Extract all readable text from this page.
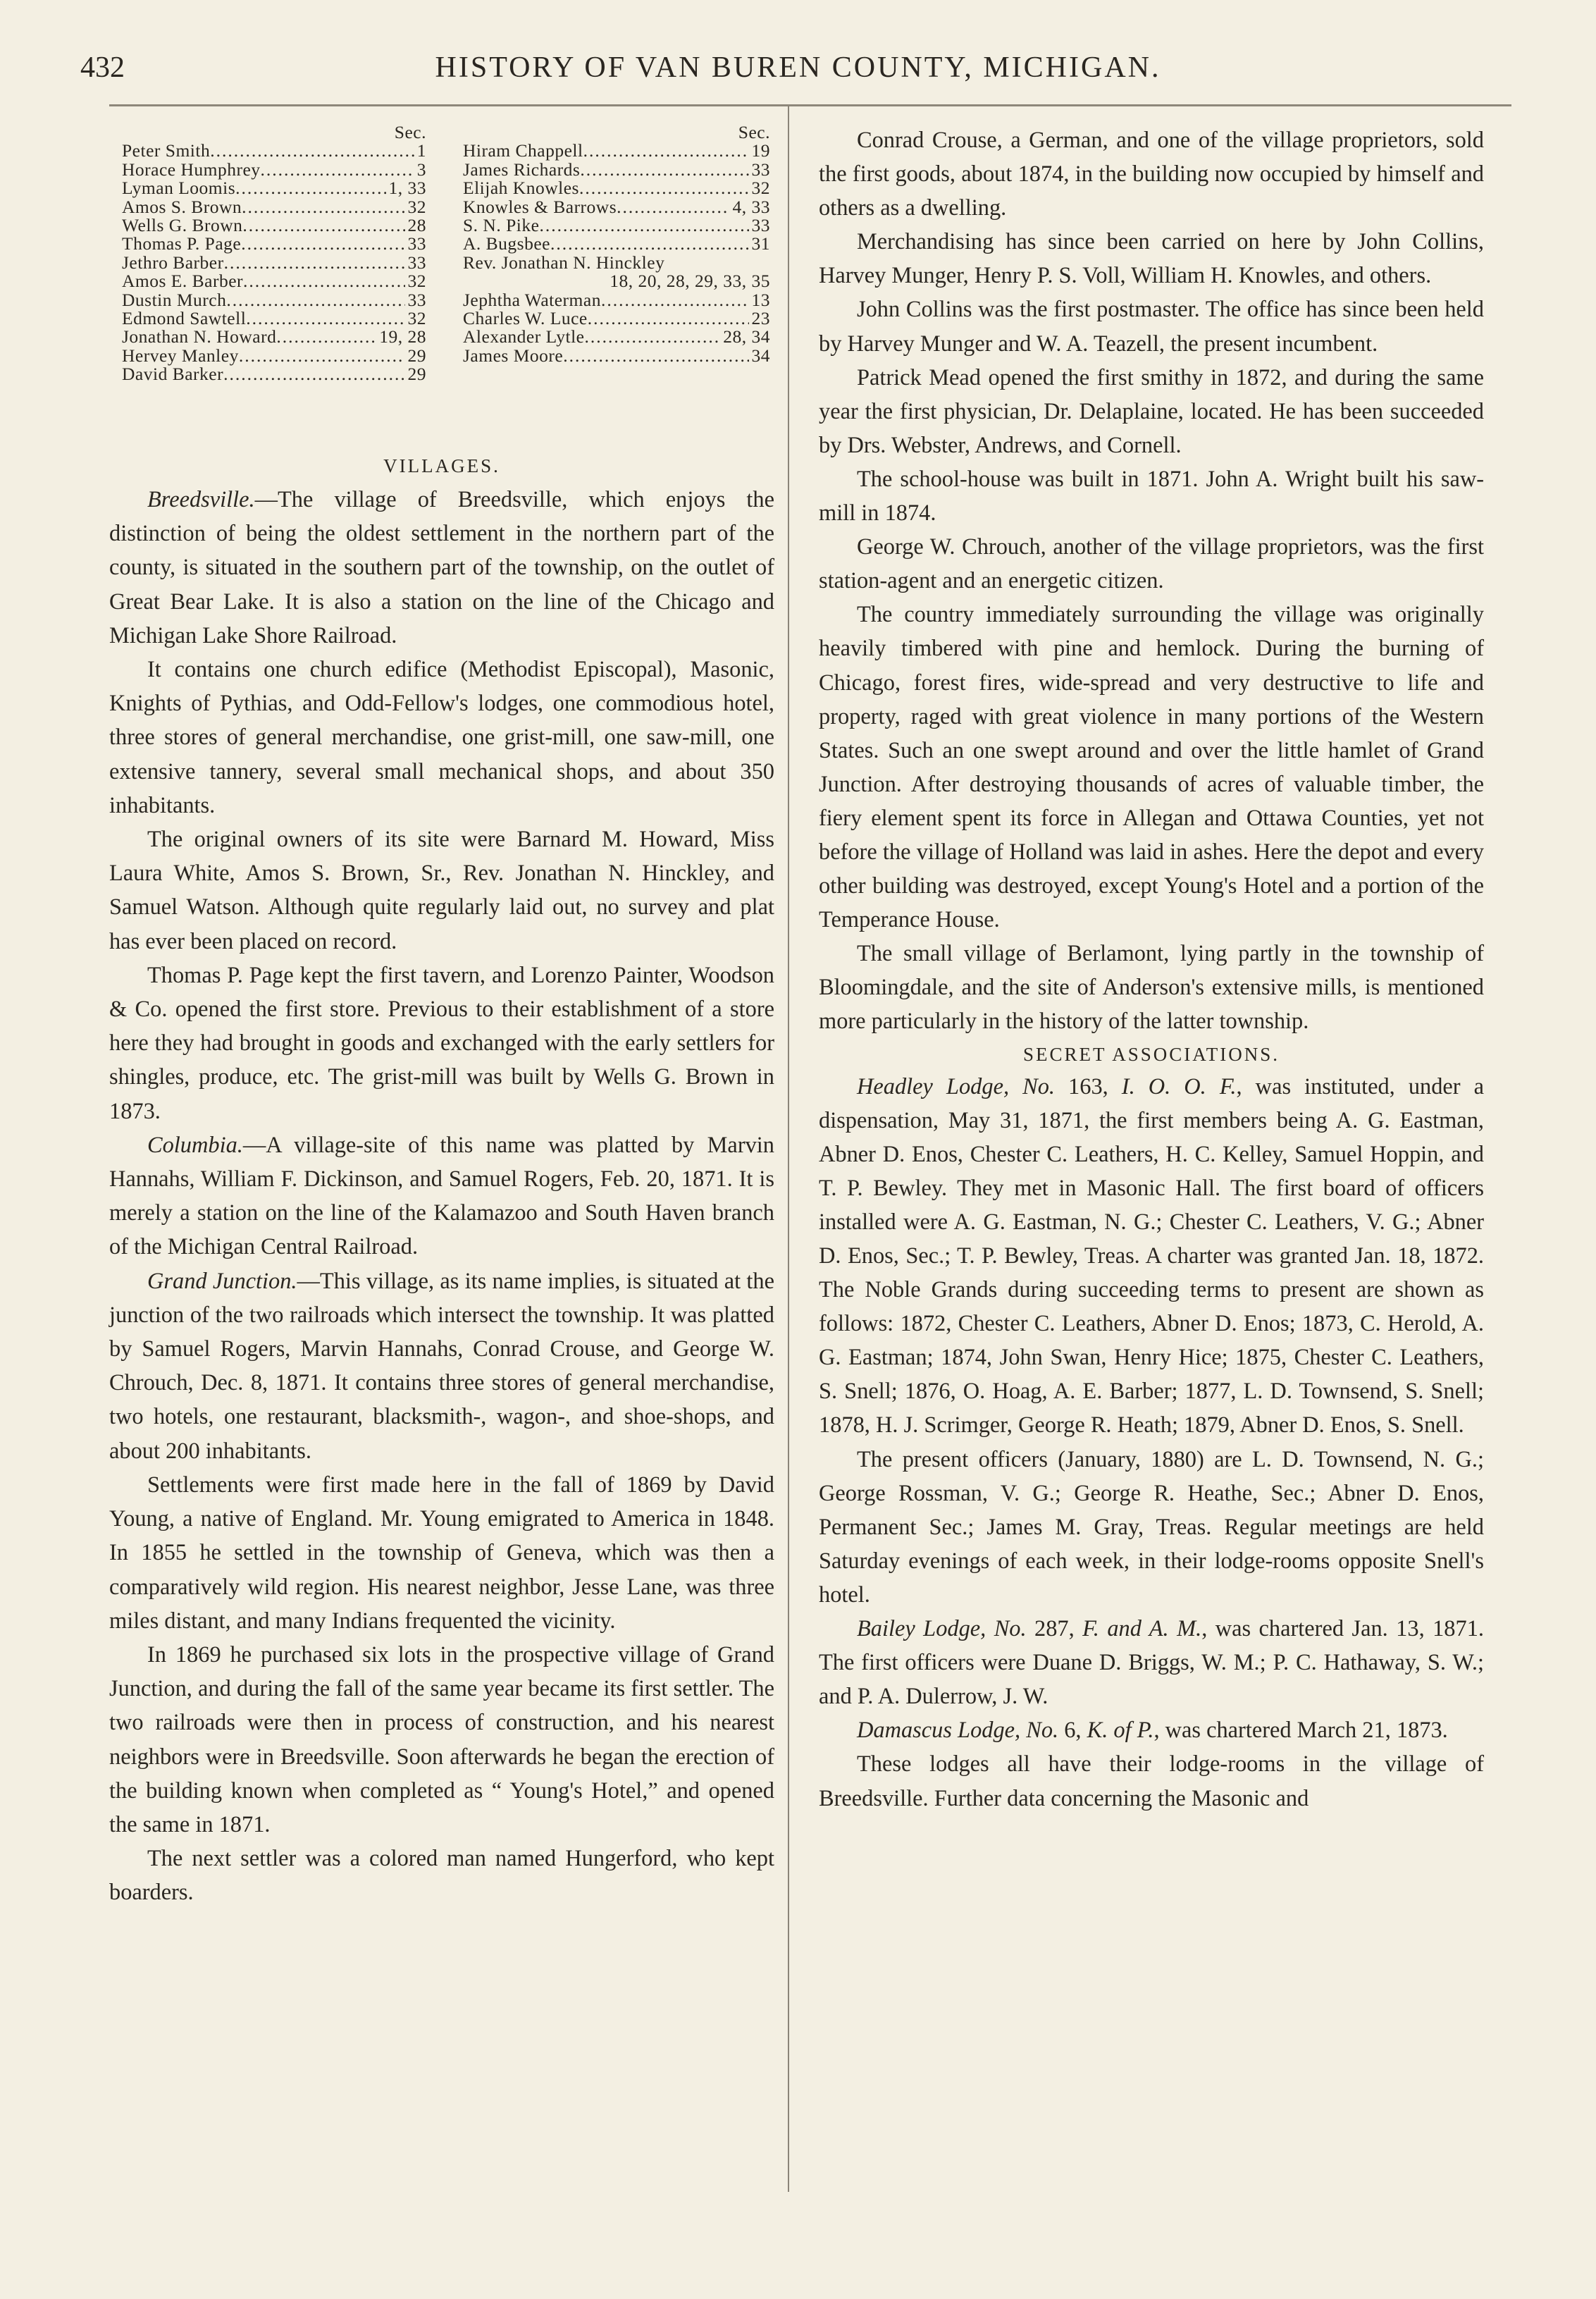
432	HISTORY OF VAN BUREN COUNTY, MICHIGAN.
Sec.
Peter Smith .....	1
Horace Humphrey .....	3
Lyman Loomis .....	1, 33
Amos S. Brown .....	32
Wells G. Brown .....	28
Thomas P. Page .....	33
Jethro Barber .....	33
Amos E. Barber .....	32
Dustin Murch .....	33
Edmond Sawtell .....	32
Jonathan N. Howard .....	19, 28
Hervey Manley .....	29
David Barker .....	29
Sec.
Hiram Chappell .....	19
James Richards .....	33
Elijah Knowles .....	32
Knowles & Barrows .....	4, 33
S. N. Pike .....	33
A. Bugsbee .....	31
Rev. Jonathan N. Hinckley
18, 20, 28, 29, 33, 35
Jephtha Waterman .....	13
Charles W. Luce .....	23
Alexander Lytle .....	28, 34
James Moore .....	34
VILLAGES.

Breedsville.—The village of Breedsville, which enjoys the distinction of being the oldest settlement in the northern part of the county, is situated in the southern part of the township, on the outlet of Great Bear Lake. It is also a station on the line of the Chicago and Michigan Lake Shore Railroad.

It contains one church edifice (Methodist Episcopal), Masonic, Knights of Pythias, and Odd-Fellow's lodges, one commodious hotel, three stores of general merchandise, one grist-mill, one saw-mill, one extensive tannery, several small mechanical shops, and about 350 inhabitants.

The original owners of its site were Barnard M. Howard, Miss Laura White, Amos S. Brown, Sr., Rev. Jonathan N. Hinckley, and Samuel Watson. Although quite regularly laid out, no survey and plat has ever been placed on record.

Thomas P. Page kept the first tavern, and Lorenzo Painter, Woodson & Co. opened the first store. Previous to their establishment of a store here they had brought in goods and exchanged with the early settlers for shingles, produce, etc. The grist-mill was built by Wells G. Brown in 1873.

Columbia.—A village-site of this name was platted by Marvin Hannahs, William F. Dickinson, and Samuel Rogers, Feb. 20, 1871. It is merely a station on the line of the Kalamazoo and South Haven branch of the Michigan Central Railroad.

Grand Junction.—This village, as its name implies, is situated at the junction of the two railroads which intersect the township. It was platted by Samuel Rogers, Marvin Hannahs, Conrad Crouse, and George W. Chrouch, Dec. 8, 1871. It contains three stores of general merchandise, two hotels, one restaurant, blacksmith-, wagon-, and shoe-shops, and about 200 inhabitants.

Settlements were first made here in the fall of 1869 by David Young, a native of England. Mr. Young emigrated to America in 1848. In 1855 he settled in the township of Geneva, which was then a comparatively wild region. His nearest neighbor, Jesse Lane, was three miles distant, and many Indians frequented the vicinity.

In 1869 he purchased six lots in the prospective village of Grand Junction, and during the fall of the same year became its first settler. The two railroads were then in process of construction, and his nearest neighbors were in Breedsville. Soon afterwards he began the erection of the building known when completed as “ Young's Hotel,” and opened the same in 1871.

The next settler was a colored man named Hungerford, who kept boarders.

Conrad Crouse, a German, and one of the village proprietors, sold the first goods, about 1874, in the building now occupied by himself and others as a dwelling.

Merchandising has since been carried on here by John Collins, Harvey Munger, Henry P. S. Voll, William H. Knowles, and others.

John Collins was the first postmaster. The office has since been held by Harvey Munger and W. A. Teazell, the present incumbent.

Patrick Mead opened the first smithy in 1872, and during the same year the first physician, Dr. Delaplaine, located. He has been succeeded by Drs. Webster, Andrews, and Cornell.

The school-house was built in 1871. John A. Wright built his saw-mill in 1874.

George W. Chrouch, another of the village proprietors, was the first station-agent and an energetic citizen.

The country immediately surrounding the village was originally heavily timbered with pine and hemlock. During the burning of Chicago, forest fires, wide-spread and very destructive to life and property, raged with great violence in many portions of the Western States. Such an one swept around and over the little hamlet of Grand Junction. After destroying thousands of acres of valuable timber, the fiery element spent its force in Allegan and Ottawa Counties, yet not before the village of Holland was laid in ashes. Here the depot and every other building was destroyed, except Young's Hotel and a portion of the Temperance House.

The small village of Berlamont, lying partly in the township of Bloomingdale, and the site of Anderson's extensive mills, is mentioned more particularly in the history of the latter township.

SECRET ASSOCIATIONS.

Headley Lodge, No. 163, I. O. O. F., was instituted, under a dispensation, May 31, 1871, the first members being A. G. Eastman, Abner D. Enos, Chester C. Leathers, H. C. Kelley, Samuel Hoppin, and T. P. Bewley. They met in Masonic Hall. The first board of officers installed were A. G. Eastman, N. G.; Chester C. Leathers, V. G.; Abner D. Enos, Sec.; T. P. Bewley, Treas. A charter was granted Jan. 18, 1872. The Noble Grands during succeeding terms to present are shown as follows: 1872, Chester C. Leathers, Abner D. Enos; 1873, C. Herold, A. G. Eastman; 1874, John Swan, Henry Hice; 1875, Chester C. Leathers, S. Snell; 1876, O. Hoag, A. E. Barber; 1877, L. D. Townsend, S. Snell; 1878, H. J. Scrimger, George R. Heath; 1879, Abner D. Enos, S. Snell.

The present officers (January, 1880) are L. D. Townsend, N. G.; George Rossman, V. G.; George R. Heathe, Sec.; Abner D. Enos, Permanent Sec.; James M. Gray, Treas. Regular meetings are held Saturday evenings of each week, in their lodge-rooms opposite Snell's hotel.

Bailey Lodge, No. 287, F. and A. M., was chartered Jan. 13, 1871. The first officers were Duane D. Briggs, W. M.; P. C. Hathaway, S. W.; and P. A. Dulerrow, J. W.

Damascus Lodge, No. 6, K. of P., was chartered March 21, 1873.

These lodges all have their lodge-rooms in the village of Breedsville. Further data concerning the Masonic and
